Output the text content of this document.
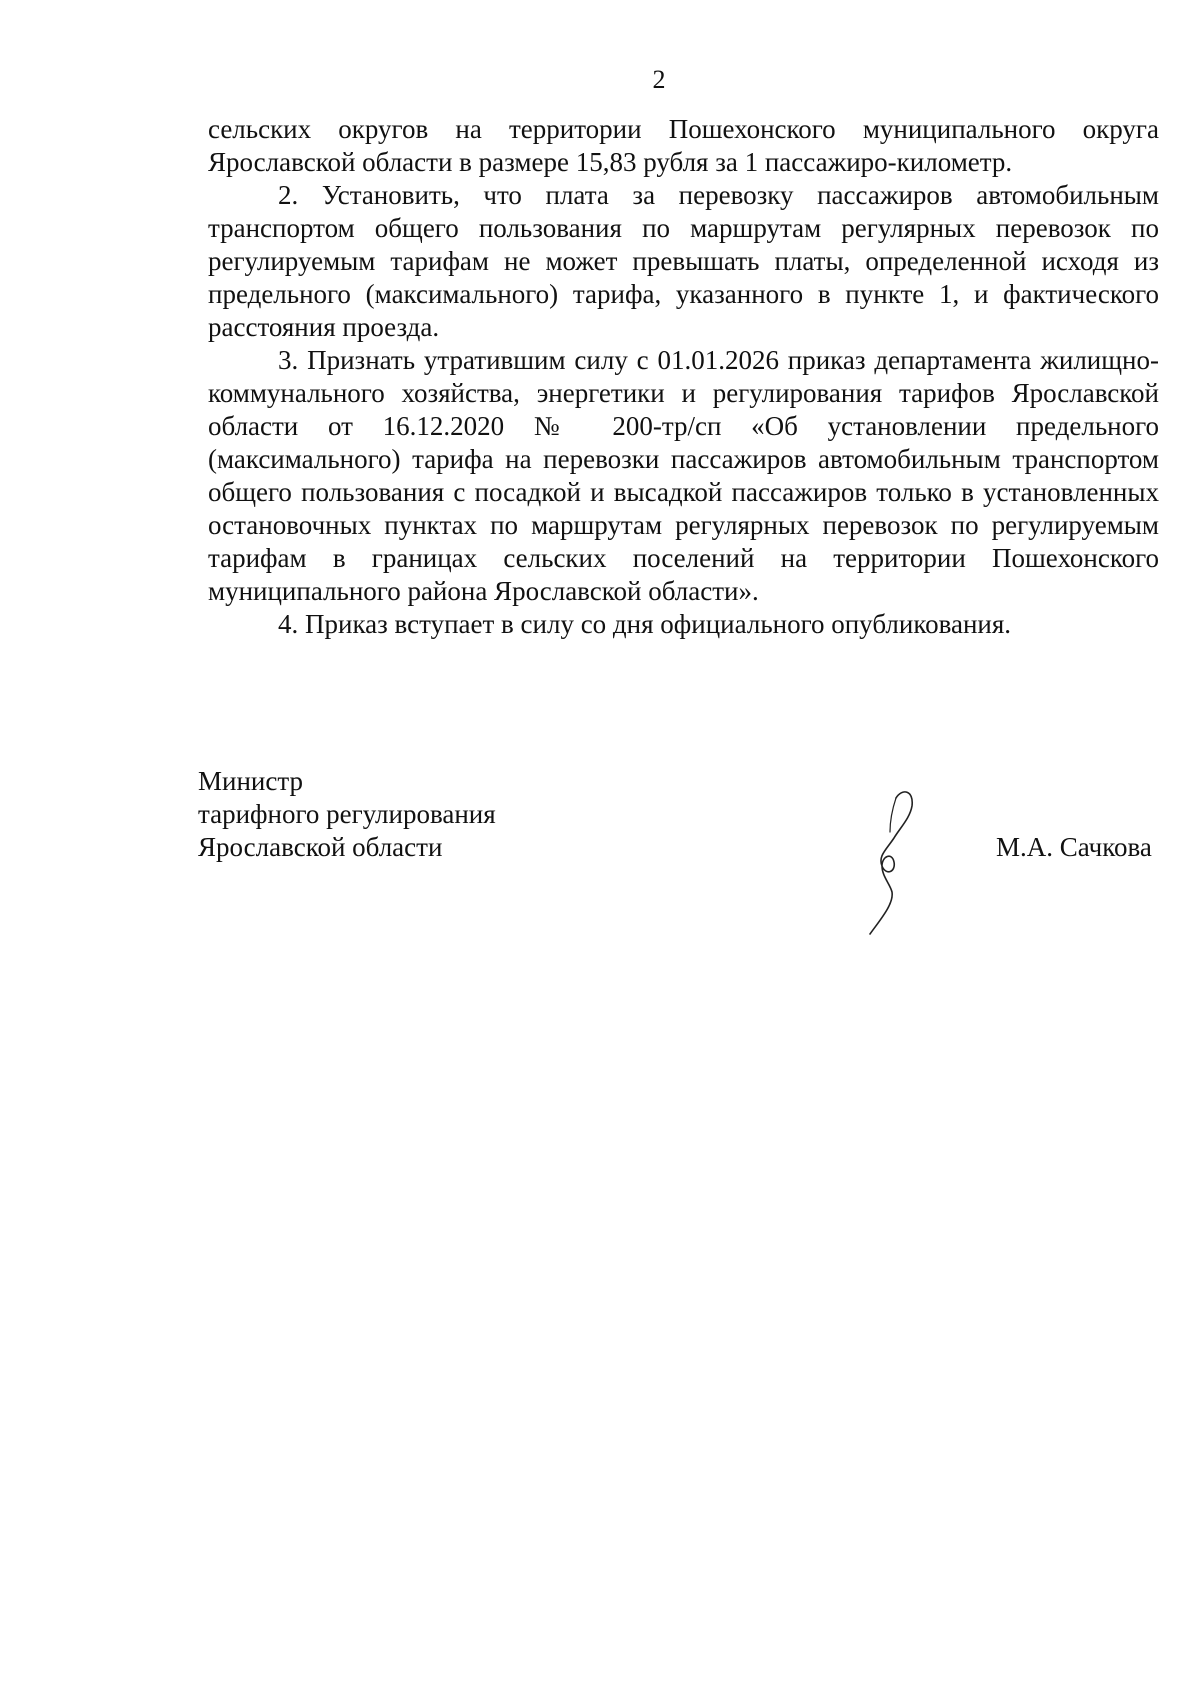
2

сельских округов на территории Пошехонского муниципального округа Ярославской области в размере 15,83 рубля за 1 пассажиро-километр.

2. Установить, что плата за перевозку пассажиров автомобильным транспортом общего пользования по маршрутам регулярных перевозок по регулируемым тарифам не может превышать платы, определенной исходя из предельного (максимального) тарифа, указанного в пункте 1, и фактического расстояния проезда.

3. Признать утратившим силу с 01.01.2026 приказ департамента жилищно-коммунального хозяйства, энергетики и регулирования тарифов Ярославской области от 16.12.2020 № 200-тр/сп «Об установлении предельного (максимального) тарифа на перевозки пассажиров автомобильным транспортом общего пользования с посадкой и высадкой пассажиров только в установленных остановочных пунктах по маршрутам регулярных перевозок по регулируемым тарифам в границах сельских поселений на территории Пошехонского муниципального района Ярославской области».

4. Приказ вступает в силу со дня официального опубликования.

Министр
тарифного регулирования
Ярославской области	М.А. Сачкова
